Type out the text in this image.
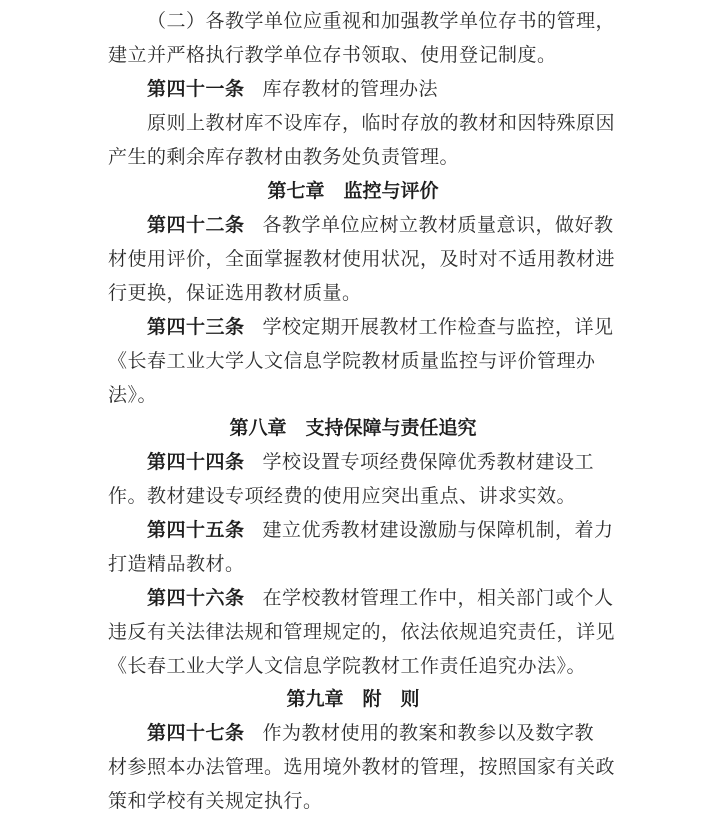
（二）各教学单位应重视和加强教学单位存书的管理，
建立并严格执行教学单位存书领取、使用登记制度。
第四十一条 库存教材的管理办法
原则上教材库不设库存，临时存放的教材和因特殊原因
产生的剩余库存教材由教务处负责管理。
第七章　监控与评价
第四十二条 各教学单位应树立教材质量意识，做好教
材使用评价，全面掌握教材使用状况，及时对不适用教材进
行更换，保证选用教材质量。
第四十三条 学校定期开展教材工作检查与监控，详见
《长春工业大学人文信息学院教材质量监控与评价管理办
法》。
第八章　支持保障与责任追究
第四十四条 学校设置专项经费保障优秀教材建设工
作。教材建设专项经费的使用应突出重点、讲求实效。
第四十五条 建立优秀教材建设激励与保障机制，着力
打造精品教材。
第四十六条 在学校教材管理工作中，相关部门或个人
违反有关法律法规和管理规定的，依法依规追究责任，详见
《长春工业大学人文信息学院教材工作责任追究办法》。
第九章　附　则
第四十七条 作为教材使用的教案和教参以及数字教
材参照本办法管理。选用境外教材的管理，按照国家有关政
策和学校有关规定执行。
